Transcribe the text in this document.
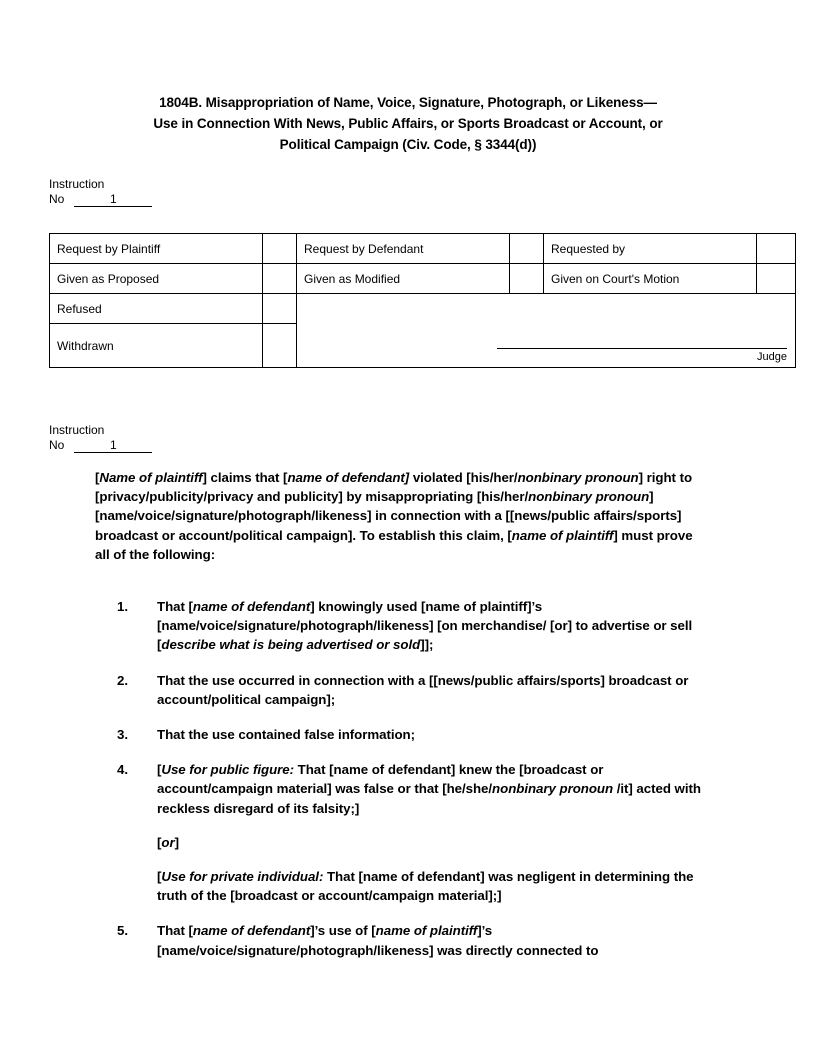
1804B. Misappropriation of Name, Voice, Signature, Photograph, or Likeness—
Use in Connection With News, Public Affairs, or Sports Broadcast or Account, or
Political Campaign (Civ. Code, § 3344(d))
Instruction
No	1
Request by Plaintiff		Request by Defendant		Requested by	
Given as Proposed		Given as Modified		Given on Court's Motion	
Refused		Judge			

Withdrawn					
Instruction
No	1
[Name of plaintiff] claims that [name of defendant] violated [his/her/nonbinary pronoun] right to [privacy/publicity/privacy and publicity] by misappropriating [his/her/nonbinary pronoun] [name/voice/signature/photograph/likeness] in connection with a [[news/public affairs/sports] broadcast or account/political campaign]. To establish this claim, [name of plaintiff] must prove all of the following:
1. That [name of defendant] knowingly used [name of plaintiff]’s [name/voice/signature/photograph/likeness] [on merchandise/ [or] to advertise or sell [describe what is being advertised or sold]];
2. That the use occurred in connection with a [[news/public affairs/sports] broadcast or account/political campaign];
3. That the use contained false information;
4. [Use for public figure: That [name of defendant] knew the [broadcast or account/campaign material] was false or that [he/she/nonbinary pronoun /it] acted with reckless disregard of its falsity;]
[or]
[Use for private individual: That [name of defendant] was negligent in determining the truth of the [broadcast or account/campaign material];]
5. That [name of defendant]’s use of [name of plaintiff]’s [name/voice/signature/photograph/likeness] was directly connected to
